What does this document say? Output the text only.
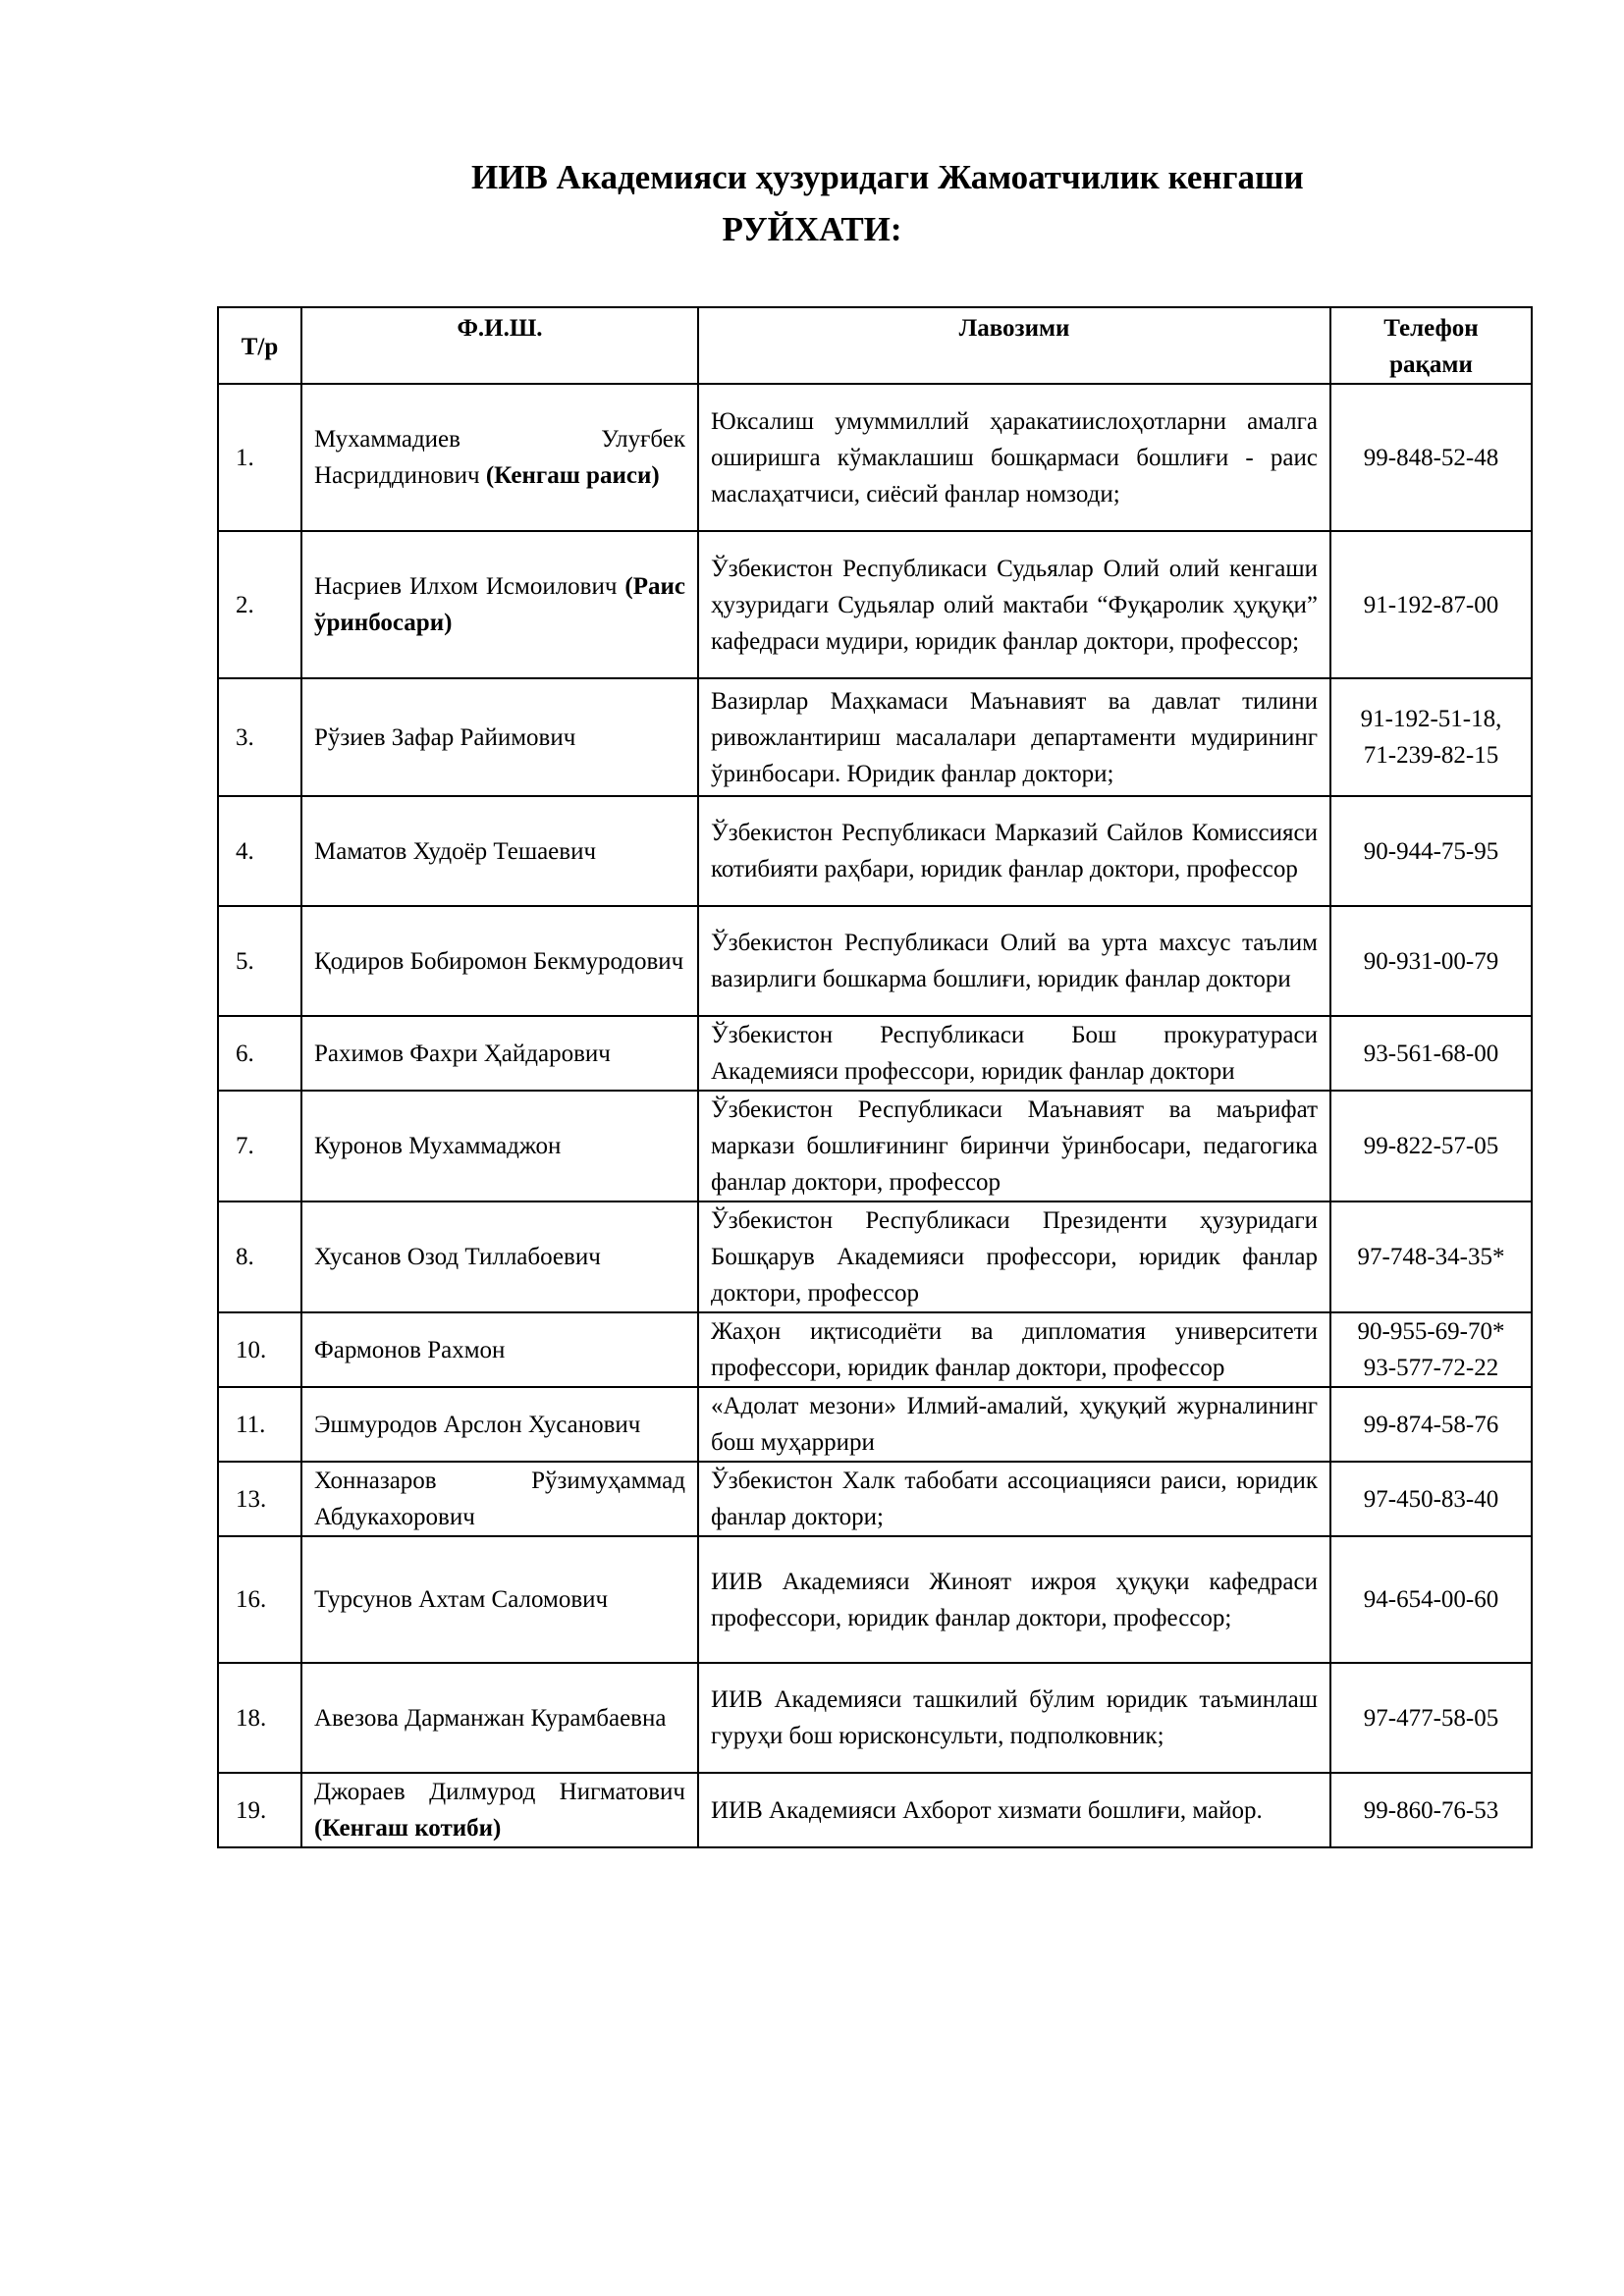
ИИВ Академияси ҳузуридаги Жамоатчилик кенгаши
РУЙХАТИ:
Т/р	Ф.И.Ш.	Лавозими	Телефон
рақами

1.	Мухаммадиев Улуғбек Насриддинович (Кенгаш раиси)	Юксалиш умуммиллий ҳаракатиислоҳотларни амалга оширишга кўмаклашиш бошқармаси бошлиғи - раис маслаҳатчиси, сиёсий фанлар номзоди;	99-848-52-48

2.	Насриев Илхом Исмоилович (Раис ўринбосари)	Ўзбекистон Республикаси Судьялар Олий олий кенгаши ҳузуридаги Судьялар олий мактаби “Фуқаролик ҳуқуқи” кафедраси мудири, юридик фанлар доктори, профессор;	91-192-87-00

3.	Рўзиев Зафар Райимович	Вазирлар Маҳкамаси Маънавият ва давлат тилини ривожлантириш масалалари департаменти мудирининг ўринбосари. Юридик фанлар доктори;	91-192-51-18,
71-239-82-15

4.	Маматов Худоёр Тешаевич	Ўзбекистон Республикаси Марказий Сайлов Комиссияси котибияти раҳбари, юридик фанлар доктори, профессор	90-944-75-95

5.	Қодиров Бобиромон Бекмуродович	Ўзбекистон Республикаси Олий ва урта махсус таълим вазирлиги бошкарма бошлиғи, юридик фанлар доктори	90-931-00-79

6.	Рахимов Фахри Ҳайдарович	Ўзбекистон Республикаси Бош прокуратураси Академияси профессори, юридик фанлар доктори	93-561-68-00

7.	Куронов Мухаммаджон	Ўзбекистон Республикаси Маънавият ва маърифат маркази бошлиғининг биринчи ўринбосари, педагогика фанлар доктори, профессор	99-822-57-05

8.	Хусанов Озод Тиллабоевич	Ўзбекистон Республикаси Президенти ҳузуридаги Бошқарув Академияси профессори, юридик фанлар доктори, профессор	97-748-34-35*

10.	Фармонов Рахмон	Жаҳон иқтисодиёти ва дипломатия университети профессори, юридик фанлар доктори, профессор	90-955-69-70*
93-577-72-22

11.	Эшмуродов Арслон Хусанович	«Адолат мезони» Илмий-амалий, ҳуқуқий журналининг бош муҳаррири	99-874-58-76

13.	Хонназаров Рўзимуҳаммад Абдукахорович	Ўзбекистон Халк табобати ассоциацияси раиси, юридик фанлар доктори;	97-450-83-40

16.	Турсунов Ахтам Саломович	ИИВ Академияси Жиноят ижроя ҳуқуқи кафедраси профессори, юридик фанлар доктори, профессор;	94-654-00-60

18.	Авезова Дарманжан Курамбаевна	ИИВ Академияси ташкилий бўлим юридик таъминлаш гуруҳи бош юрисконсульти, подполковник;	97-477-58-05

19.	Джораев Дилмурод Нигматович (Кенгаш котиби)	ИИВ Академияси Ахборот хизмати бошлиғи, майор.	99-860-76-53
